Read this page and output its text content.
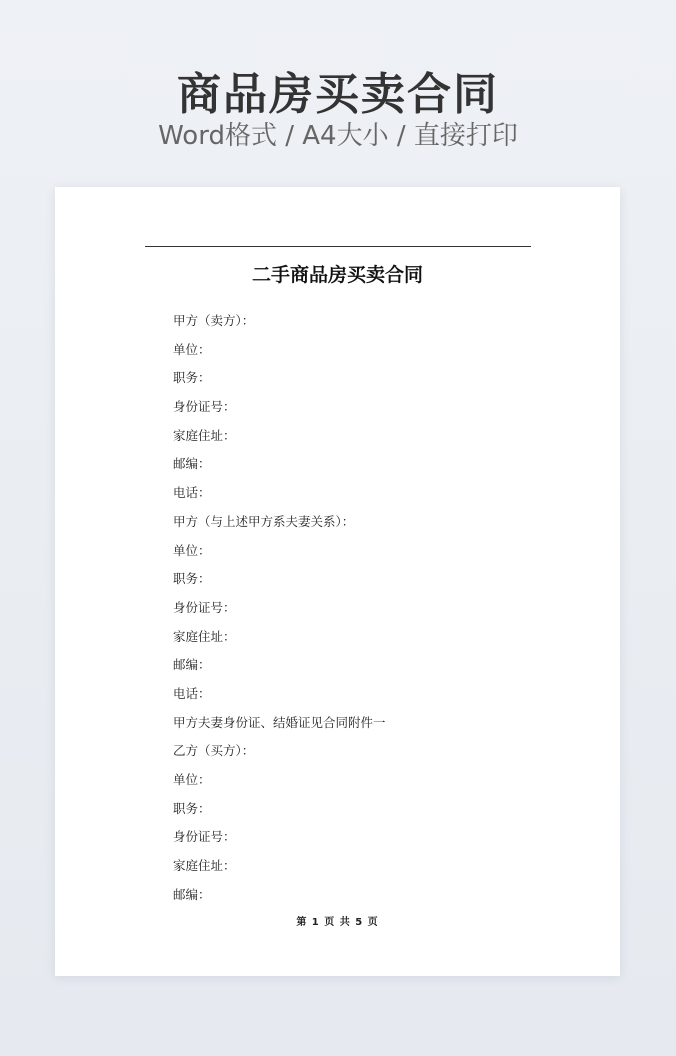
商品房买卖合同
Word格式 / A4大小 / 直接打印
二手商品房买卖合同
甲方（卖方）：
单位：
职务：
身份证号：
家庭住址：
邮编：
电话：
甲方（与上述甲方系夫妻关系）：
单位：
职务：
身份证号：
家庭住址：
邮编：
电话：
甲方夫妻身份证、结婚证见合同附件一
乙方（买方）：
单位：
职务：
身份证号：
家庭住址：
邮编：
第 1 页 共 5 页
